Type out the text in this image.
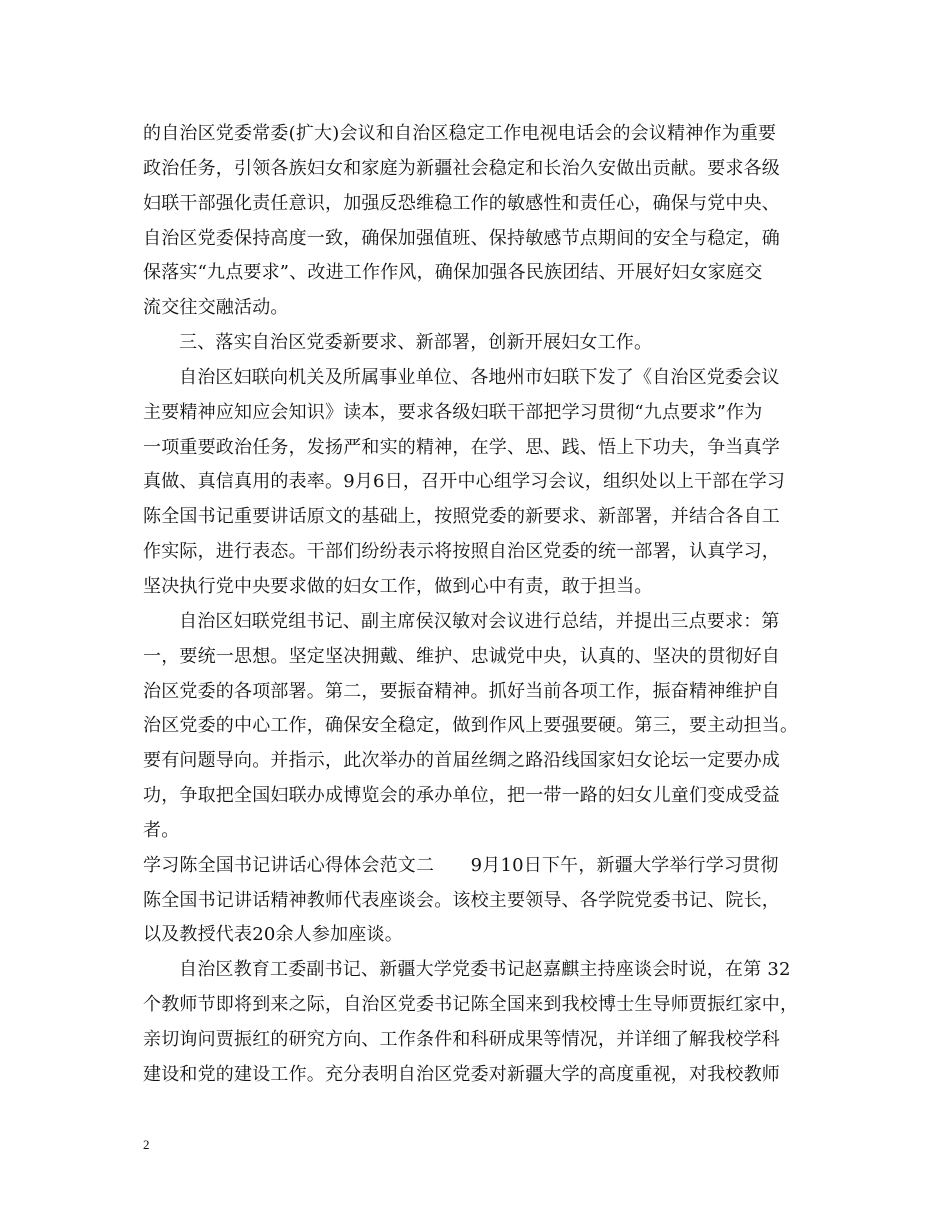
的自治区党委常委(扩大)会议和自治区稳定工作电视电话会的会议精神作为重要
政治任务，引领各族妇女和家庭为新疆社会稳定和长治久安做出贡献。要求各级
妇联干部强化责任意识，加强反恐维稳工作的敏感性和责任心，确保与党中央、
自治区党委保持高度一致，确保加强值班、保持敏感节点期间的安全与稳定，确
保落实“九点要求”、改进工作作风，确保加强各民族团结、开展好妇女家庭交
流交往交融活动。
三、落实自治区党委新要求、新部署，创新开展妇女工作。
自治区妇联向机关及所属事业单位、各地州市妇联下发了《自治区党委会议
主要精神应知应会知识》读本，要求各级妇联干部把学习贯彻“九点要求”作为
一项重要政治任务，发扬严和实的精神，在学、思、践、悟上下功夫，争当真学
真做、真信真用的表率。9月6日，召开中心组学习会议，组织处以上干部在学习
陈全国书记重要讲话原文的基础上，按照党委的新要求、新部署，并结合各自工
作实际，进行表态。干部们纷纷表示将按照自治区党委的统一部署，认真学习，
坚决执行党中央要求做的妇女工作，做到心中有责，敢于担当。
自治区妇联党组书记、副主席侯汉敏对会议进行总结，并提出三点要求：第
一，要统一思想。坚定坚决拥戴、维护、忠诚党中央，认真的、坚决的贯彻好自
治区党委的各项部署。第二，要振奋精神。抓好当前各项工作，振奋精神维护自
治区党委的中心工作，确保安全稳定，做到作风上要强要硬。第三，要主动担当。
要有问题导向。并指示，此次举办的首届丝绸之路沿线国家妇女论坛一定要办成
功，争取把全国妇联办成博览会的承办单位，把一带一路的妇女儿童们变成受益
者。
学习陈全国书记讲话心得体会范文二　　9月10日下午，新疆大学举行学习贯彻
陈全国书记讲话精神教师代表座谈会。该校主要领导、各学院党委书记、院长，
以及教授代表20余人参加座谈。
自治区教育工委副书记、新疆大学党委书记赵嘉麒主持座谈会时说，在第 32
个教师节即将到来之际，自治区党委书记陈全国来到我校博士生导师贾振红家中，
亲切询问贾振红的研究方向、工作条件和科研成果等情况，并详细了解我校学科
建设和党的建设工作。充分表明自治区党委对新疆大学的高度重视，对我校教师
2
